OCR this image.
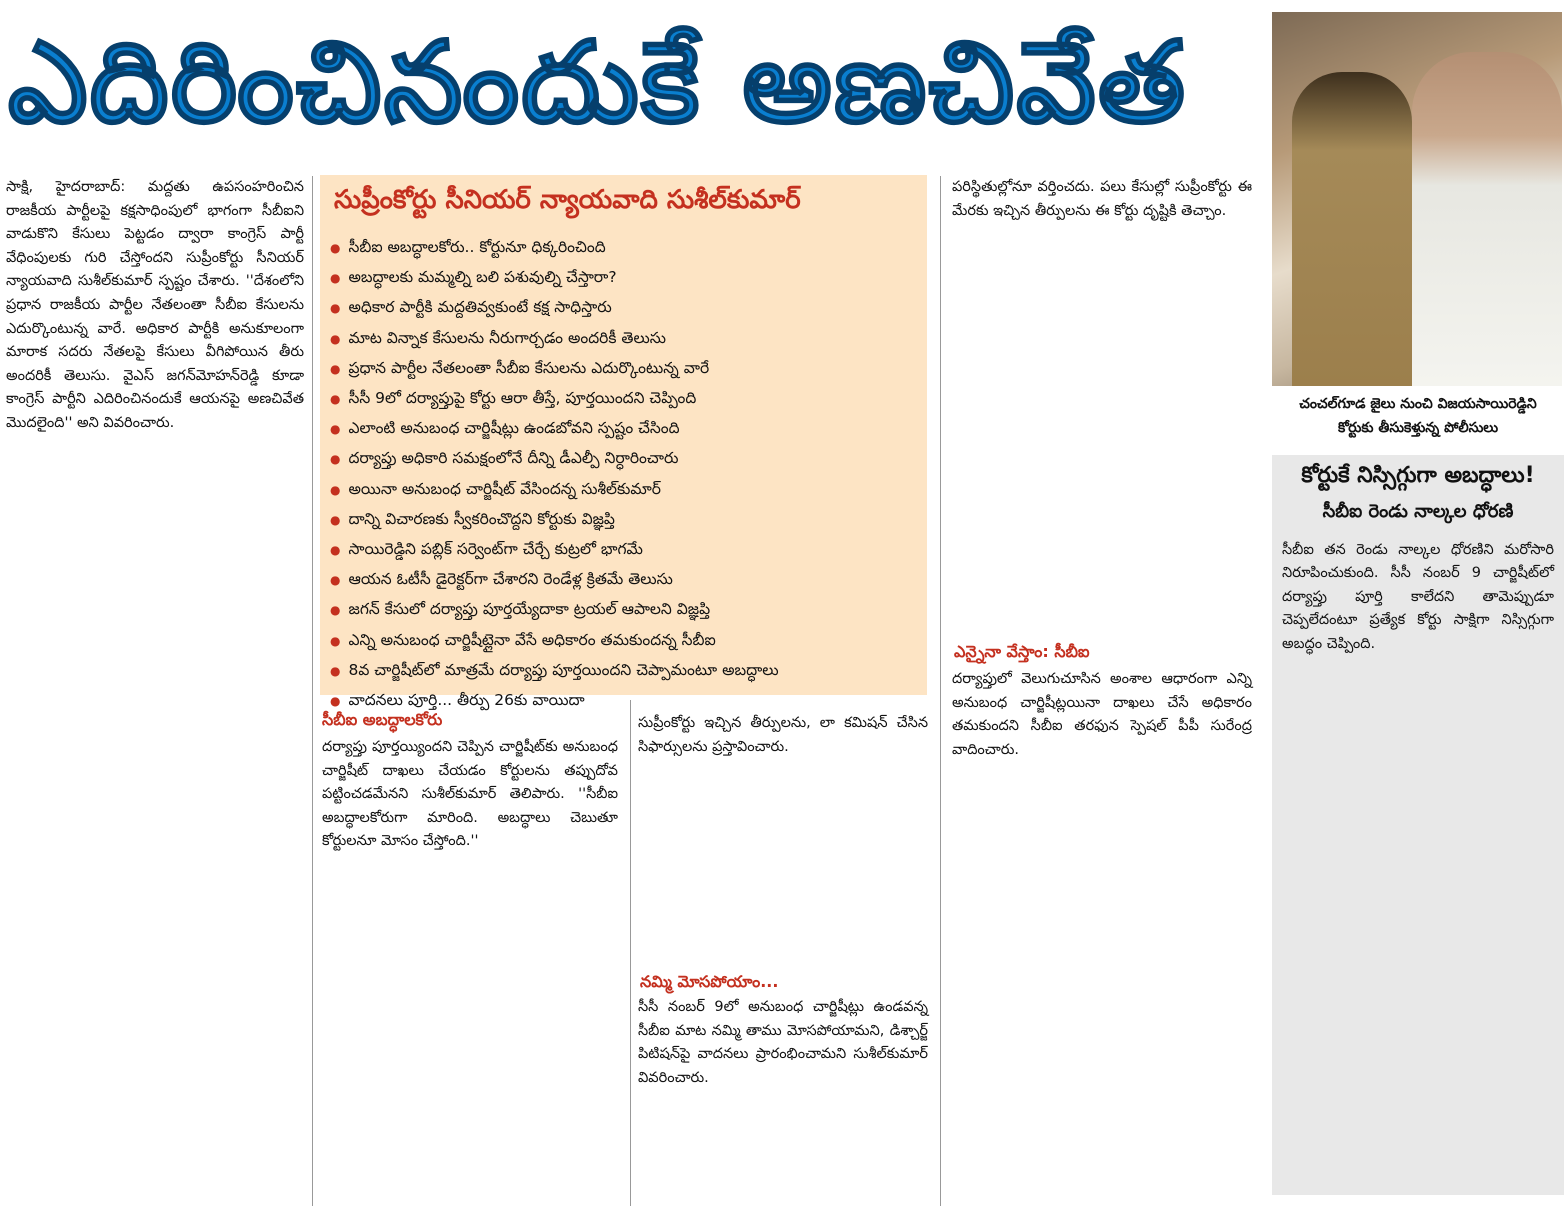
ఎదిరించినందుకే అణచివేత
చంచల్‌గూడ జైలు నుంచి విజయసాయిరెడ్డిని
కోర్టుకు తీసుకెళ్తున్న పోలీసులు

సాక్షి, హైదరాబాద్: మద్దతు ఉపసంహరించిన రాజకీయ పార్టీలపై కక్షసాధింపులో భాగంగా సీబీఐని వాడుకొని కేసులు పెట్టడం ద్వారా కాంగ్రెస్ పార్టీ వేధింపులకు గురి చేస్తోందని సుప్రీంకోర్టు సీనియర్ న్యాయవాది సుశీల్‌కుమార్ స్పష్టం చేశారు. ''దేశంలోని ప్రధాన రాజకీయ పార్టీల నేతలంతా సీబీఐ కేసులను ఎదుర్కొంటున్న వారే. అధికార పార్టీకి అనుకూలంగా మారాక సదరు నేతలపై కేసులు వీగిపోయిన తీరు అందరికీ తెలుసు. వైఎస్ జగన్‌మోహన్‌రెడ్డి కూడా కాంగ్రెస్ పార్టీని ఎదిరించినందుకే ఆయనపై అణచివేత మొదలైంది'' అని వివరించారు.

సుప్రీంకోర్టు సీనియర్ న్యాయవాది సుశీల్‌కుమార్
● సీబీఐ అబద్ధాలకోరు.. కోర్టునూ ధిక్కరించింది
● అబద్ధాలకు మమ్మల్ని బలి పశువుల్ని చేస్తారా?
● అధికార పార్టీకి మద్దతివ్వకుంటే కక్ష సాధిస్తారు
● మాట విన్నాక కేసులను నీరుగార్చడం అందరికీ తెలుసు
● ప్రధాన పార్టీల నేతలంతా సీబీఐ కేసులను ఎదుర్కొంటున్న వారే
● సీసీ 9లో దర్యాప్తుపై కోర్టు ఆరా తీస్తే, పూర్తయిందని చెప్పింది
● ఎలాంటి అనుబంధ చార్జిషీట్లు ఉండబోవని స్పష్టం చేసింది
● దర్యాప్తు అధికారి సమక్షంలోనే దీన్ని డీఎల్పీ నిర్ధారించారు
● అయినా అనుబంధ చార్జిషీట్ వేసిందన్న సుశీల్‌కుమార్
● దాన్ని విచారణకు స్వీకరించొద్దని కోర్టుకు విజ్ఞప్తి
● సాయిరెడ్డిని పబ్లిక్ సర్వెంట్‌గా చేర్చే కుట్రలో భాగమే
● ఆయన ఓటీసీ డైరెక్టర్‌గా చేశారని రెండేళ్ల క్రితమే తెలుసు
● జగన్ కేసులో దర్యాప్తు పూర్తయ్యేదాకా ట్రయల్ ఆపాలని విజ్ఞప్తి
● ఎన్ని అనుబంధ చార్జిషీట్లైనా వేసే అధికారం తమకుందన్న సీబీఐ
● 8వ చార్జిషీట్‌లో మాత్రమే దర్యాప్తు పూర్తయిందని చెప్పామంటూ అబద్ధాలు
● వాదనలు పూర్తి... తీర్పు 26కు వాయిదా
సీబీఐ అబద్ధాలకోరు

దర్యాప్తు పూర్తయ్యిందని చెప్పిన చార్జిషీట్‌కు అనుబంధ చార్జిషీట్ దాఖలు చేయడం కోర్టులను తప్పుదోవ పట్టించడమేనని సుశీల్‌కుమార్ తెలిపారు. ''సీబీఐ అబద్ధాలకోరుగా మారింది. అబద్ధాలు చెబుతూ కోర్టులనూ మోసం చేస్తోంది.''

సుప్రీంకోర్టు ఇచ్చిన తీర్పులను, లా కమిషన్ చేసిన సిఫార్సులను ప్రస్తావించారు.

నమ్మి మోసపోయాం...

సీసీ నంబర్ 9లో అనుబంధ చార్జిషీట్లు ఉండవన్న సీబీఐ మాట నమ్మి తాము మోసపోయామని, డిశ్చార్జ్ పిటిషన్‌పై వాదనలు ప్రారంభించామని సుశీల్‌కుమార్ వివరించారు.

పరిస్థితుల్లోనూ వర్తించదు. పలు కేసుల్లో సుప్రీంకోర్టు ఈ మేరకు ఇచ్చిన తీర్పులను ఈ కోర్టు దృష్టికి తెచ్చాం.

ఎన్నైనా వేస్తాం: సీబీఐ

దర్యాప్తులో వెలుగుచూసిన అంశాల ఆధారంగా ఎన్ని అనుబంధ చార్జిషీట్లయినా దాఖలు చేసే అధికారం తమకుందని సీబీఐ తరఫున స్పెషల్ పీపీ సురేంద్ర వాదించారు.

కోర్టుకే నిస్సిగ్గుగా అబద్ధాలు!
సీబీఐ రెండు నాల్కల ధోరణి
సీబీఐ తన రెండు నాల్కల ధోరణిని మరోసారి నిరూపించుకుంది. సీసీ నంబర్ 9 చార్జిషీట్‌లో దర్యాప్తు పూర్తి కాలేదని తామెప్పుడూ చెప్పలేదంటూ ప్రత్యేక కోర్టు సాక్షిగా నిస్సిగ్గుగా అబద్ధం చెప్పింది.
